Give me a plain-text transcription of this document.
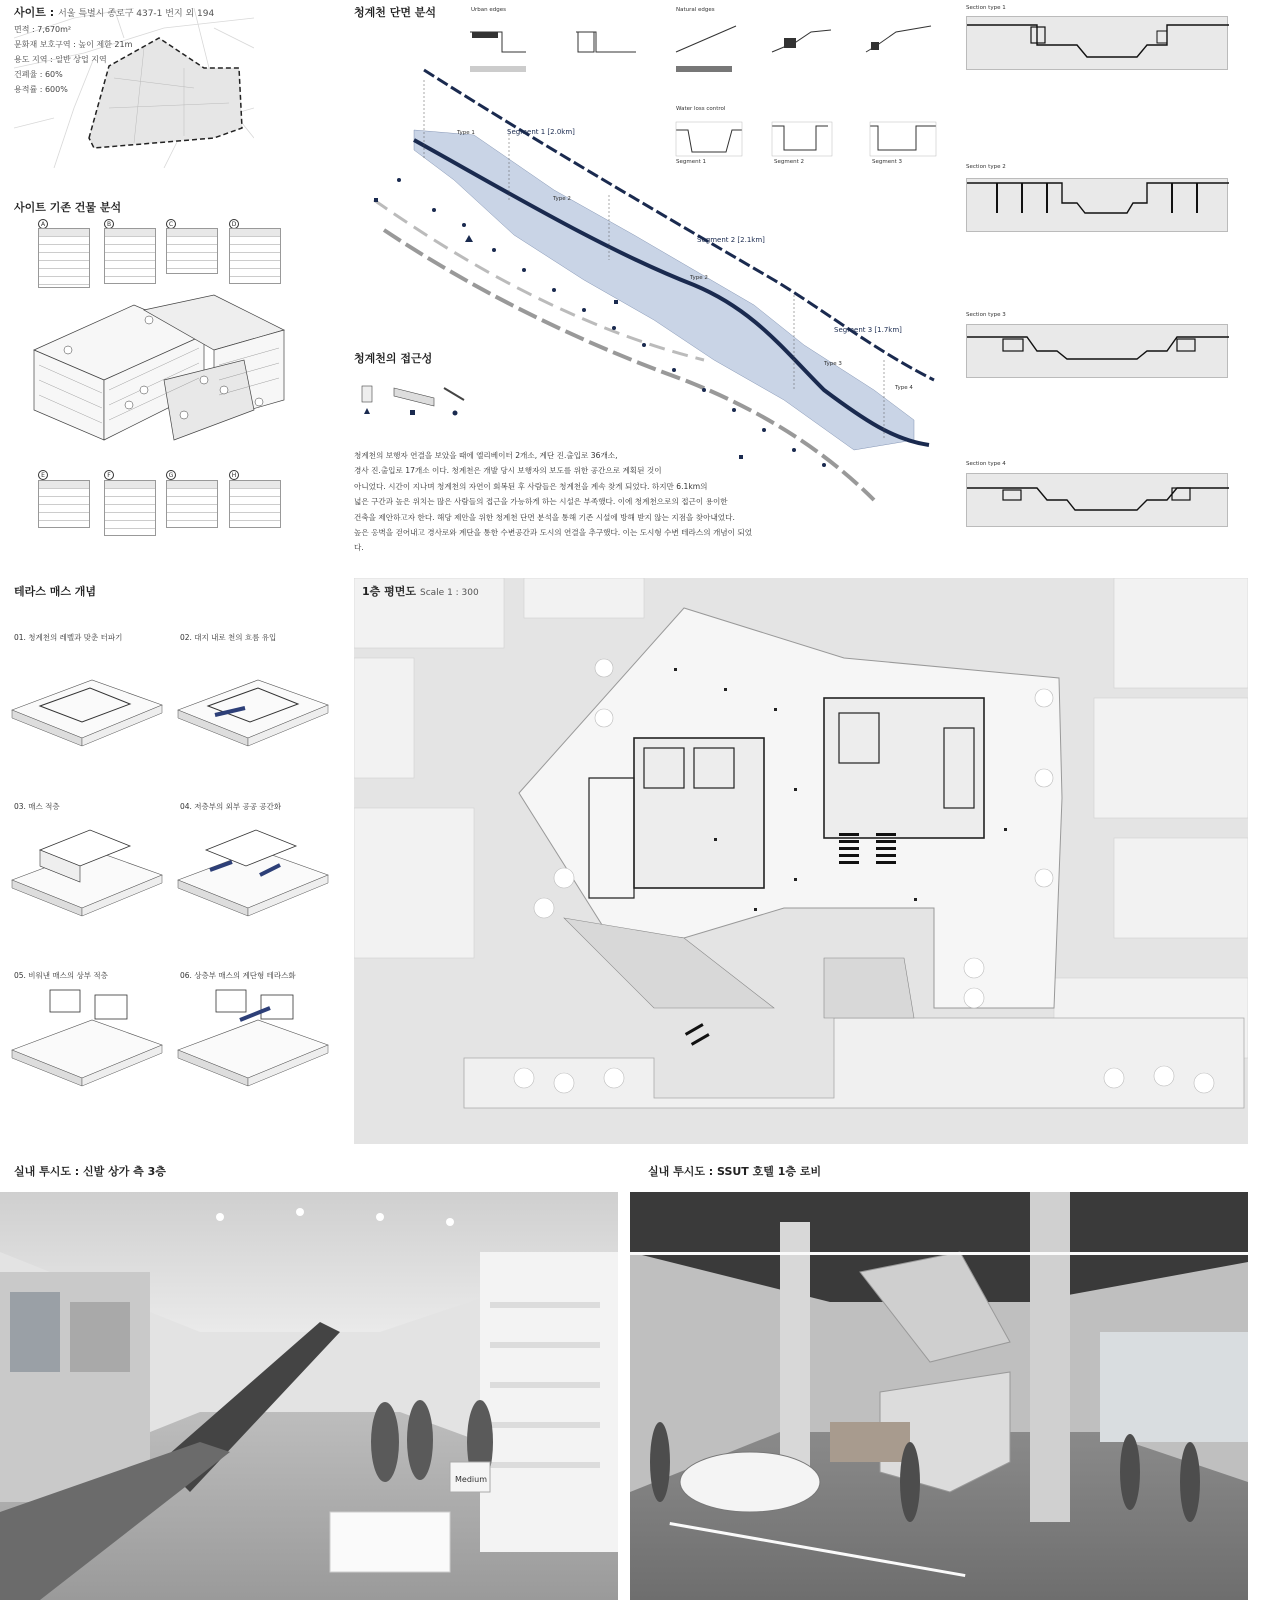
사이트 : 서울 특별시 종로구 437-1 번지 외 194
면적 : 7,670m²
문화재 보호구역 : 높이 제한 21m
용도 지역 : 일반 상업 지역
건폐율 : 60%
용적률 : 600%
사이트 기존 건물 분석
A	B	C	D
E	F	G	H
청계천 단면 분석
Segment 1 [2.0km]
Segment 2 [2.1km]
Segment 3 [1.7km]
Type 1
Type 2
Type 2
Type 3
Type 4
Urban edges	Natural edges
Water loss control
Segment 1	Segment 2	Segment 3
Section type 1
Section type 2
Section type 3
Section type 4
청계천의 접근성
청계천의 보행자 연결을 보았을 때에 엘리베이터 2개소, 계단 진.출입로 36개소,
경사 진.출입로 17개소 이다. 청계천은 개발 당시 보행자의 보도를 위한 공간으로 계획된 것이
아니었다. 시간이 지나며 청계천의 자연이 회복된 후 사람들은 청계천을 계속 찾게 되었다. 하지만 6.1km의
넓은 구간과 높은 위치는 많은 사람들의 접근을 가능하게 하는 시설은 부족했다. 이에 청계천으로의 접근이 용이한
건축을 제안하고자 한다. 해당 제안을 위한 청계천 단면 분석을 통해 기존 시설에 방해 받지 않는 지점을 찾아내었다.
높은 옹벽을 걷어내고 경사로와 계단을 통한 수변공간과 도시의 연결을 추구했다. 이는 도시형 수변 테라스의 개념이 되었다.
테라스 매스 개념
01. 청계천의 레벨과 맞춘 터파기	02. 대지 내로 천의 흐름 유입
03. 매스 적층	04. 저층부의 외부 공공 공간화
05. 비워낸 매스의 상부 적층	06. 상층부 매스의 계단형 테라스화
1층 평면도 Scale 1 : 300
실내 투시도 : 신발 상가 측 3층	실내 투시도 : SSUT 호텔 1층 로비
Medium
